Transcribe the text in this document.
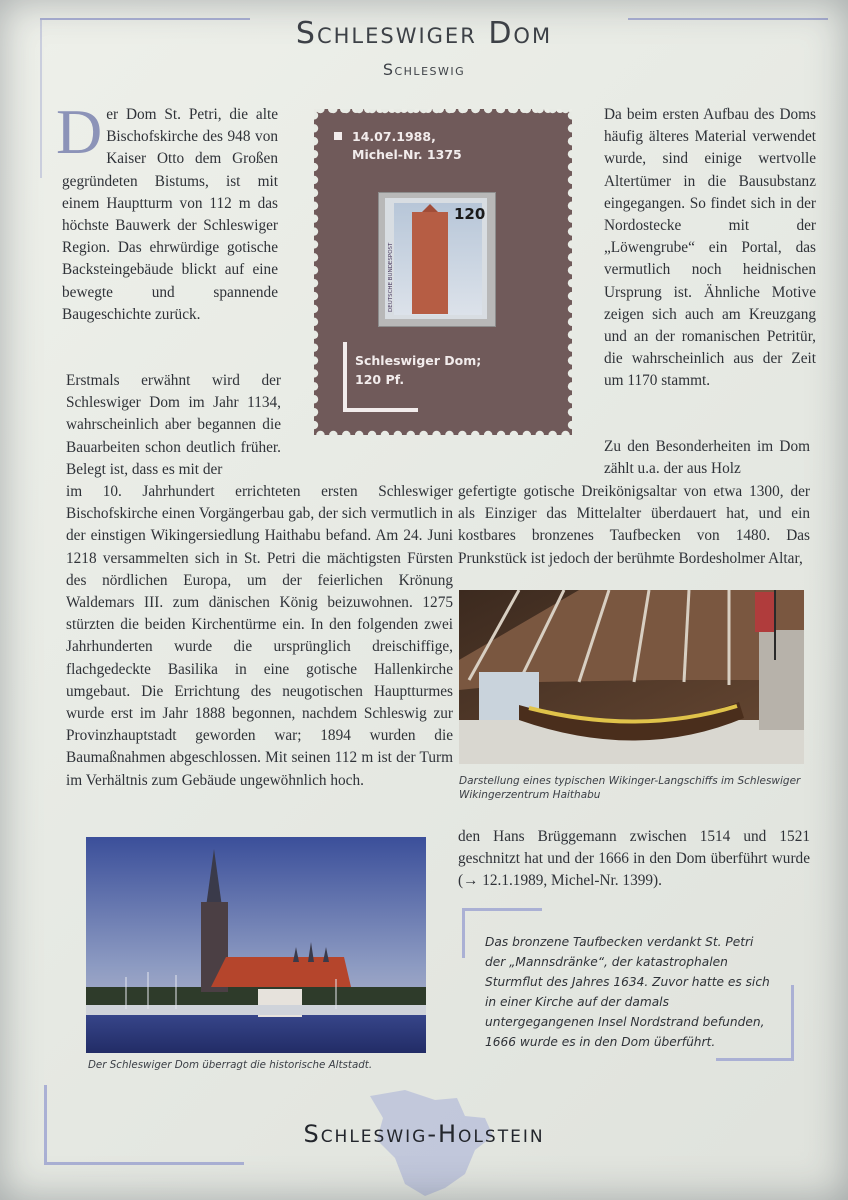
Schleswiger Dom
Schleswig
14.07.1988,
Michel-Nr. 1375
120
DEUTSCHE BUNDESPOST
Schleswiger Dom;
120 Pf.
Der Dom St. Petri, die alte Bischofskirche des 948 von Kaiser Otto dem Großen gegründeten Bistums, ist mit einem Hauptturm von 112 m das höchste Bauwerk der Schleswiger Region. Das ehrwürdige gotische Backsteingebäude blickt auf eine bewegte und spannende Baugeschichte zurück.
Erstmals erwähnt wird der Schleswiger Dom im Jahr 1134, wahrscheinlich aber begannen die Bauarbeiten schon deutlich früher. Belegt ist, dass es mit der
im 10. Jahrhundert errichteten ersten Schleswiger Bischofskirche einen Vorgängerbau gab, der sich vermutlich in der einstigen Wikingersiedlung Haithabu befand. Am 24. Juni 1218 versammelten sich in St. Petri die mächtigsten Fürsten des nördlichen Europa, um der feierlichen Krönung Waldemars III. zum dänischen König beizuwohnen. 1275 stürzten die beiden Kirchentürme ein. In den folgenden zwei Jahrhunderten wurde die ursprünglich dreischiffige, flachgedeckte Basilika in eine gotische Hallenkirche umgebaut. Die Errichtung des neugotischen Hauptturmes wurde erst im Jahr 1888 begonnen, nachdem Schleswig zur Provinzhauptstadt geworden war; 1894 wurden die Baumaßnahmen abgeschlossen. Mit seinen 112 m ist der Turm im Verhältnis zum Gebäude ungewöhnlich hoch.
Da beim ersten Aufbau des Doms häufig älteres Material verwendet wurde, sind einige wertvolle Altertümer in die Bausubstanz eingegangen. So findet sich in der Nordostecke mit der „Löwengrube“ ein Portal, das vermutlich noch heidnischen Ursprung ist. Ähnliche Motive zeigen sich auch am Kreuzgang und an der romanischen Petritür, die wahrscheinlich aus der Zeit um 1170 stammt.
Zu den Besonderheiten im Dom zählt u.a. der aus Holz
gefertigte gotische Dreikönigsaltar von etwa 1300, der als Einziger das Mittelalter überdauert hat, und ein kostbares bronzenes Taufbecken von 1480. Das Prunkstück ist jedoch der berühmte Bordesholmer Altar,
Darstellung eines typischen Wikinger-Langschiffs im Schleswiger Wikingerzentrum Haithabu
Der Schleswiger Dom überragt die historische Altstadt.
den Hans Brüggemann zwischen 1514 und 1521 geschnitzt hat und der 1666 in den Dom überführt wurde (→ 12.1.1989, Michel-Nr. 1399).
Das bronzene Taufbecken verdankt St. Petri der „Mannsdränke“, der katastrophalen Sturmflut des Jahres 1634. Zuvor hatte es sich in einer Kirche auf der damals untergegangenen Insel Nordstrand befunden, 1666 wurde es in den Dom überführt.
Schleswig-Holstein
